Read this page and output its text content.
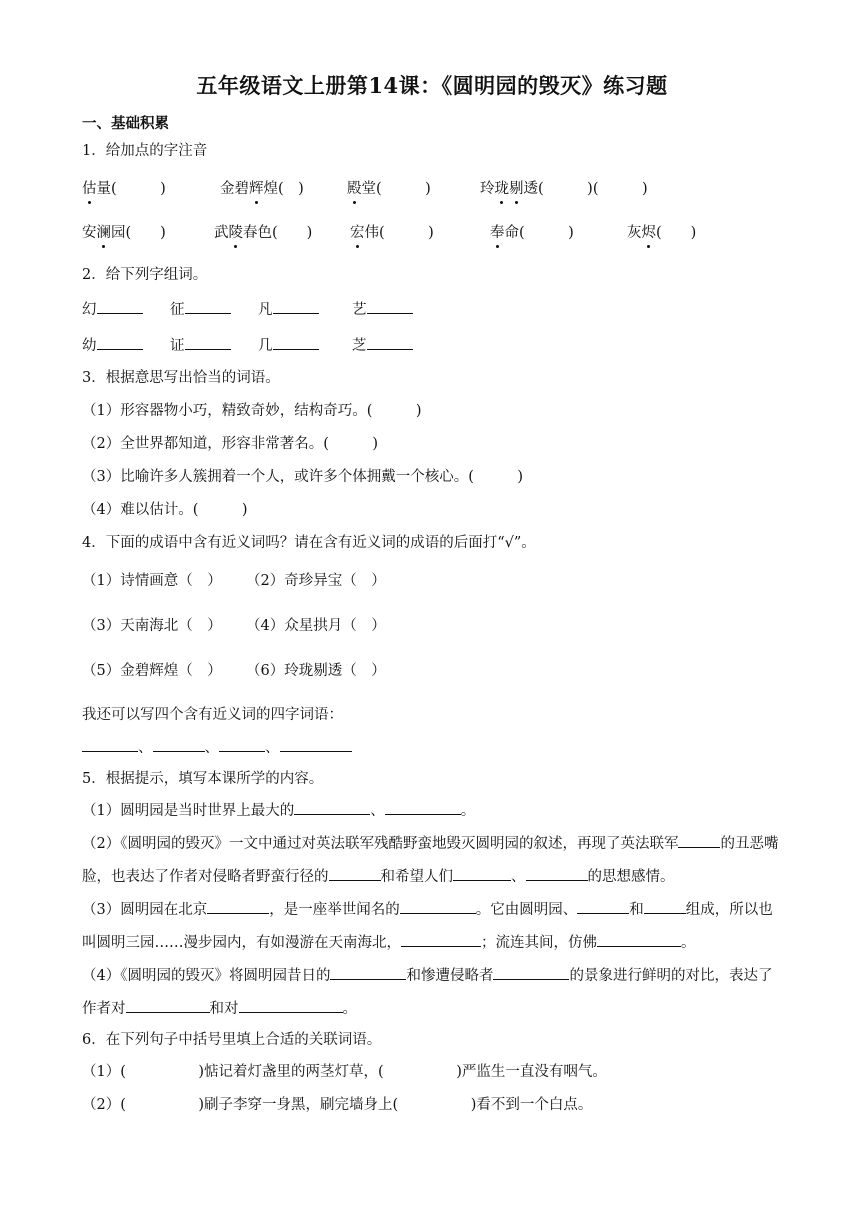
五年级语文上册第14课：《圆明园的毁灭》练习题
一、基础积累
1．给加点的字注音
估量(　　　)	金碧辉煌(　)	殿堂(　　　)	玲珑剔透(　　　)(　　　)
安澜园(　　)	武陵春色(　　)	宏伟(　　　)	奉命(　　　)	灰烬(　　)
2．给下列字组词。
幻	征	凡	艺
幼	证	几	芝
3．根据意思写出恰当的词语。
（1）形容器物小巧，精致奇妙，结构奇巧。(　　　)
（2）全世界都知道，形容非常著名。(　　　)
（3）比喻许多人簇拥着一个人，或许多个体拥戴一个核心。(　　　)
（4）难以估计。(　　　)
4．下面的成语中含有近义词吗？请在含有近义词的成语的后面打“√”。
（1）诗情画意（　） （2）奇珍异宝（　）
（3）天南海北（　） （4）众星拱月（　）
（5）金碧辉煌（　） （6）玲珑剔透（　）
我还可以写四个含有近义词的四字词语：
、	、	、
5．根据提示，填写本课所学的内容。

（1）圆明园是当时世界上最大的	、	。

（2）《圆明园的毁灭》一文中通过对英法联军残酷野蛮地毁灭圆明园的叙述，再现了英法联军	的丑恶嘴脸，也表达了作者对侵略者野蛮行径的	和希望人们	、	的思想感情。

（3）圆明园在北京	，是一座举世闻名的	。它由圆明园、	和	组成，所以也叫圆明三园……漫步园内，有如漫游在天南海北，	；流连其间，仿佛	。

（4）《圆明园的毁灭》将圆明园昔日的	和惨遭侵略者	的景象进行鲜明的对比，表达了作者对	和对	。

6．在下列句子中括号里填上合适的关联词语。

（1）(　　　　　)惦记着灯盏里的两茎灯草，(　　　　　)严监生一直没有咽气。

（2）(　　　　　)刷子李穿一身黑，刷完墙身上(　　　　　)看不到一个白点。
